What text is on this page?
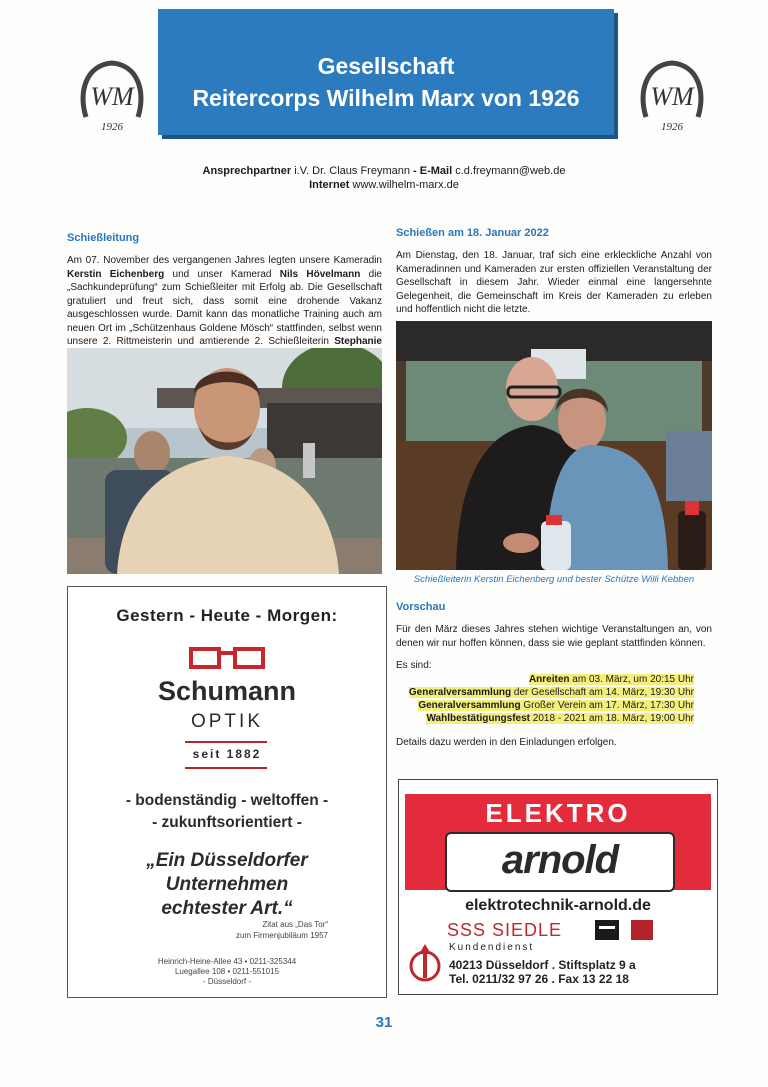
WM
1926
WM
1926
Gesellschaft
Reitercorps Wilhelm Marx von 1926
Ansprechpartner i.V. Dr. Claus Freymann - E-Mail c.d.freymann@web.de
Internet www.wilhelm-marx.de
Schießleitung
Am 07. November des vergangenen Jahres legten unsere Kameradin Kerstin Eichenberg und unser Kamerad Nils Hövelmann die „Sachkundeprüfung“ zum Schießleiter mit Erfolg ab. Die Gesellschaft gratuliert und freut sich, dass somit eine drohende Vakanz ausgeschlossen wurde. Damit kann das monatliche Training auch am neuen Ort im „Schützenhaus Goldene Mösch“ stattfinden, selbst wenn unsere 2. Rittmeisterin und amtierende 2. Schießleiterin Stephanie
Schießen am 18. Januar 2022
Am Dienstag, den 18. Januar, traf sich eine erkleckliche Anzahl von Kameradinnen und Kameraden zur ersten offiziellen Veranstaltung der Gesellschaft in diesem Jahr. Wieder einmal eine langersehnte Gelegenheit, die Gemeinschaft im Kreis der Kameraden zu erleben und hoffentlich nicht die letzte.
Schießleiterin Kerstin Eichenberg und bester Schütze Willi Kebben
Vorschau
Für den März dieses Jahres stehen wichtige Veranstaltungen an, von denen wir nur hoffen können, dass sie wie geplant stattfinden können.
Es sind:
Anreiten am 03. März, um 20:15 Uhr
Generalversammlung der Gesellschaft am 14. März, 19:30 Uhr
Generalversammlung Großer Verein am 17. März, 17:30 Uhr
Wahlbestätigungsfest 2018 - 2021 am 18. März, 19:00 Uhr
Details dazu werden in den Einladungen erfolgen.
Gestern - Heute - Morgen:
Schumann
OPTIK
seit 1882
- bodenständig - weltoffen -
- zukunftsorientiert -
„Ein Düsseldorfer
Unternehmen
echtester Art.“
Zitat aus „Das Tor“
zum Firmenjubiläum 1957
Heinrich-Heine-Allee 43 • 0211-325344
Luegallee 108 • 0211-551015
- Düsseldorf -
ELEKTRO
arnold
elektrotechnik-arnold.de
SSS SIEDLE
Kundendienst
40213 Düsseldorf . Stiftsplatz 9 a
Tel. 0211/32 97 26 . Fax 13 22 18
31
